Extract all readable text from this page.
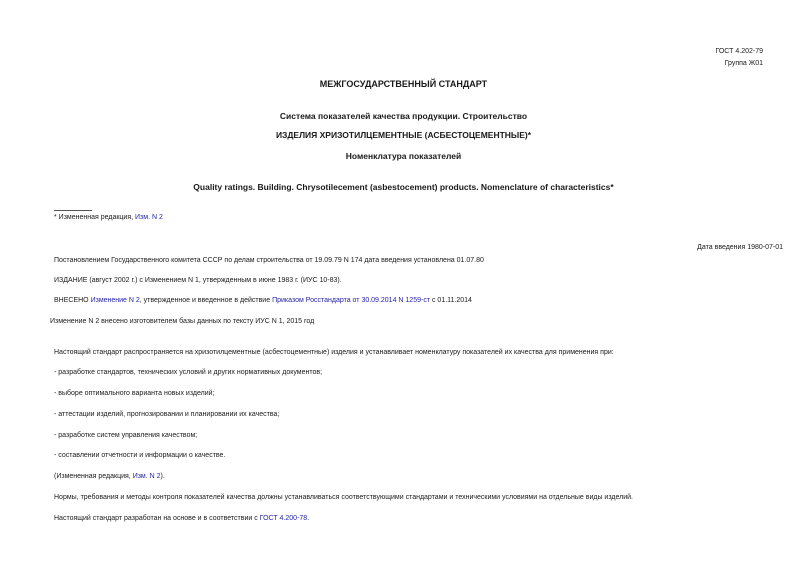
ГОСТ 4.202-79
Группа Ж01
МЕЖГОСУДАРСТВЕННЫЙ СТАНДАРТ
Система показателей качества продукции. Строительство
ИЗДЕЛИЯ ХРИЗОТИЛЦЕМЕНТНЫЕ (АСБЕСТОЦЕМЕНТНЫЕ)*
Номенклатура показателей
Quality ratings. Building. Chrysotilecement (asbestocement) products. Nomenclature of characteristics*
* Измененная редакция, Изм. N 2
Дата введения 1980-07-01
Постановлением Государственного комитета СССР по делам строительства от 19.09.79 N 174 дата введения установлена 01.07.80
ИЗДАНИЕ (август 2002 г.) с Изменением N 1, утвержденным в июне 1983 г. (ИУС 10-83).
ВНЕСЕНО Изменение N 2, утвержденное и введенное в действие Приказом Росстандарта от 30.09.2014 N 1259-ст с 01.11.2014
Изменение N 2 внесено изготовителем базы данных по тексту ИУС N 1, 2015 год
Настоящий стандарт распространяется на хризотилцементные (асбестоцементные) изделия и устанавливает номенклатуру показателей их качества для применения при:
- разработке стандартов, технических условий и других нормативных документов;
- выборе оптимального варианта новых изделий;
- аттестации изделий, прогнозировании и планировании их качества;
- разработке систем управления качеством;
- составлении отчетности и информации о качестве.
(Измененная редакция, Изм. N 2).
Нормы, требования и методы контроля показателей качества должны устанавливаться соответствующими стандартами и техническими условиями на отдельные виды изделий.
Настоящий стандарт разработан на основе и в соответствии с ГОСТ 4.200-78.
